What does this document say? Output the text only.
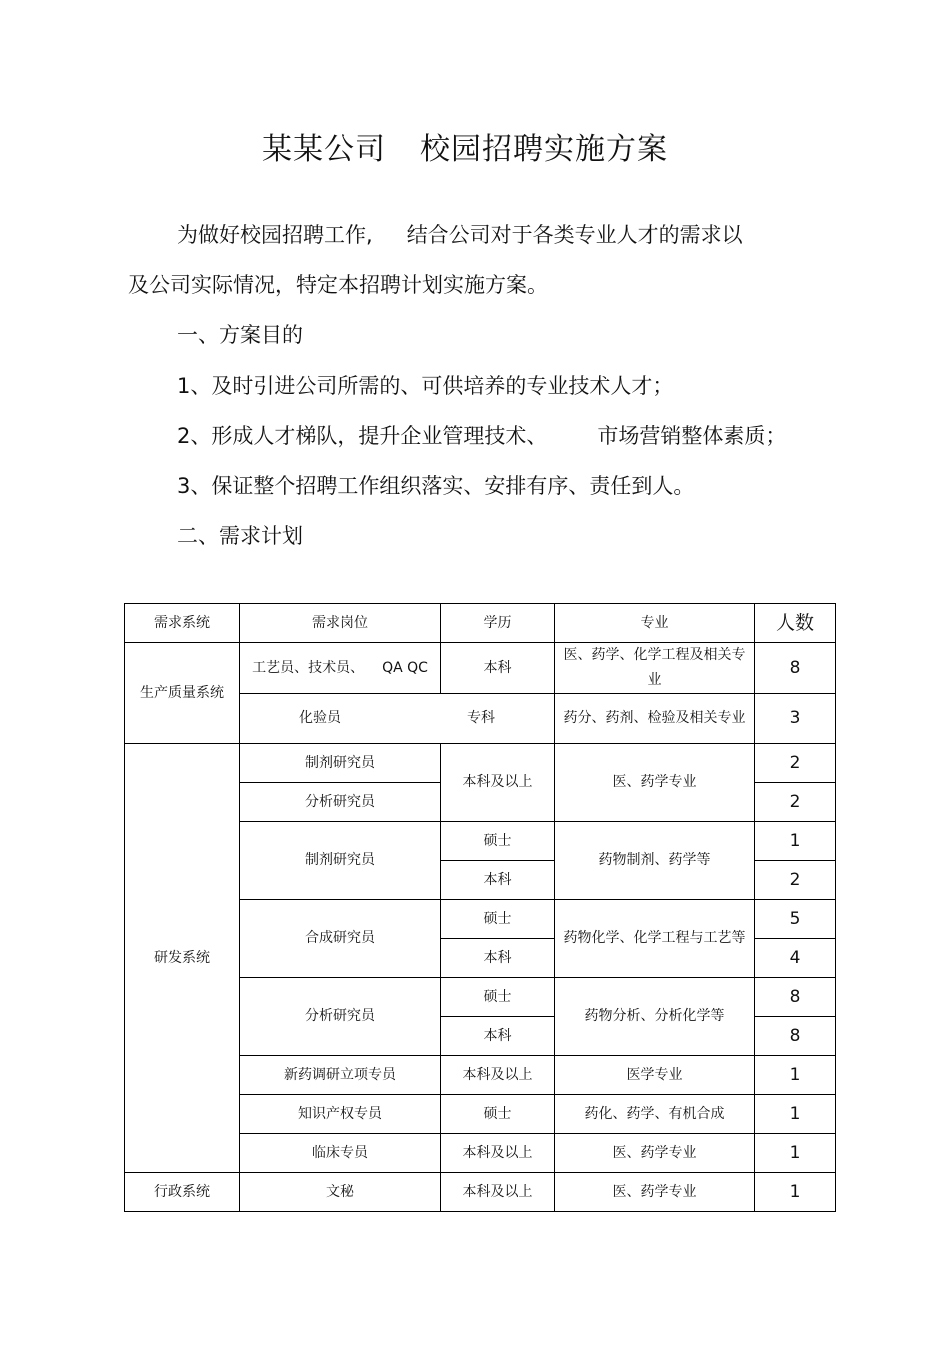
某某公司 校园招聘实施方案
为做好校园招聘工作, 结合公司对于各类专业人才的需求以
及公司实际情况，特定本招聘计划实施方案。
一、方案目的
1、及时引进公司所需的、可供培养的专业技术人才；
2、形成人才梯队，提升企业管理技术、 市场营销整体素质；
3、保证整个招聘工作组织落实、安排有序、责任到人。
二、需求计划
需求系统	需求岗位	学历	专业	人数
生产质量系统	工艺员、技术员、 QA QC	本科	医、药学、化学工程及相关专业	8
	化验员 专科		药分、药剂、检验及相关专业	3
研发系统	制剂研究员	本科及以上	医、药学专业	2
	分析研究员			2
	制剂研究员	硕士	药物制剂、药学等	1
		本科		2
	合成研究员	硕士	药物化学、化学工程与工艺等	5
		本科		4
	分析研究员	硕士	药物分析、分析化学等	8
		本科		8
	新药调研立项专员	本科及以上	医学专业	1
	知识产权专员	硕士	药化、药学、有机合成	1
	临床专员	本科及以上	医、药学专业	1
行政系统	文秘	本科及以上	医、药学专业	1
